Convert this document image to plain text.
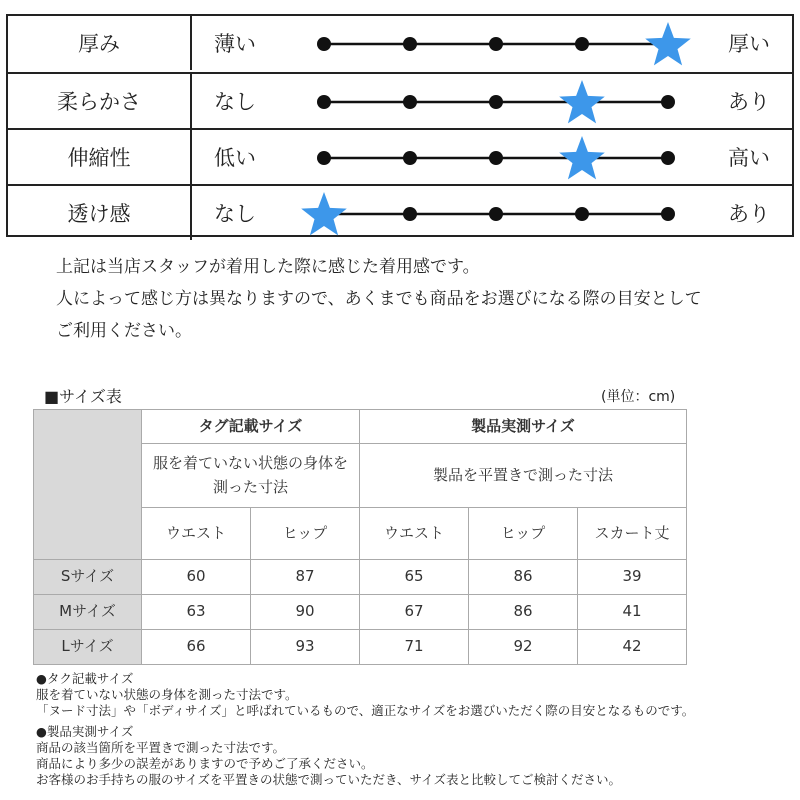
厚み	薄い	厚い
柔らかさ	なし	あり
伸縮性	低い	高い
透け感	なし	あり
上記は当店スタッフが着用した際に感じた着用感です。
人によって感じ方は異なりますので、あくまでも商品をお選びになる際の目安として
ご利用ください。
■サイズ表	(単位：cm)
	タグ記載サイズ		製品実測サイズ		

	服を着ていない状態の身体を測った寸法		製品を平置きで測った寸法		
	ウエスト	ヒップ	ウエスト	ヒップ	スカート丈
Sサイズ	60	87	65	86	39
Mサイズ	63	90	67	86	41
Lサイズ	66	93	71	92	42
●タク記載サイズ
服を着ていない状態の身体を測った寸法です。
「ヌード寸法」や「ボディサイズ」と呼ばれているもので、適正なサイズをお選びいただく際の目安となるものです。
●製品実測サイズ
商品の該当箇所を平置きで測った寸法です。
商品により多少の誤差がありますので予めご了承ください。
お客様のお手持ちの服のサイズを平置きの状態で測っていただき、サイズ表と比較してご検討ください。
